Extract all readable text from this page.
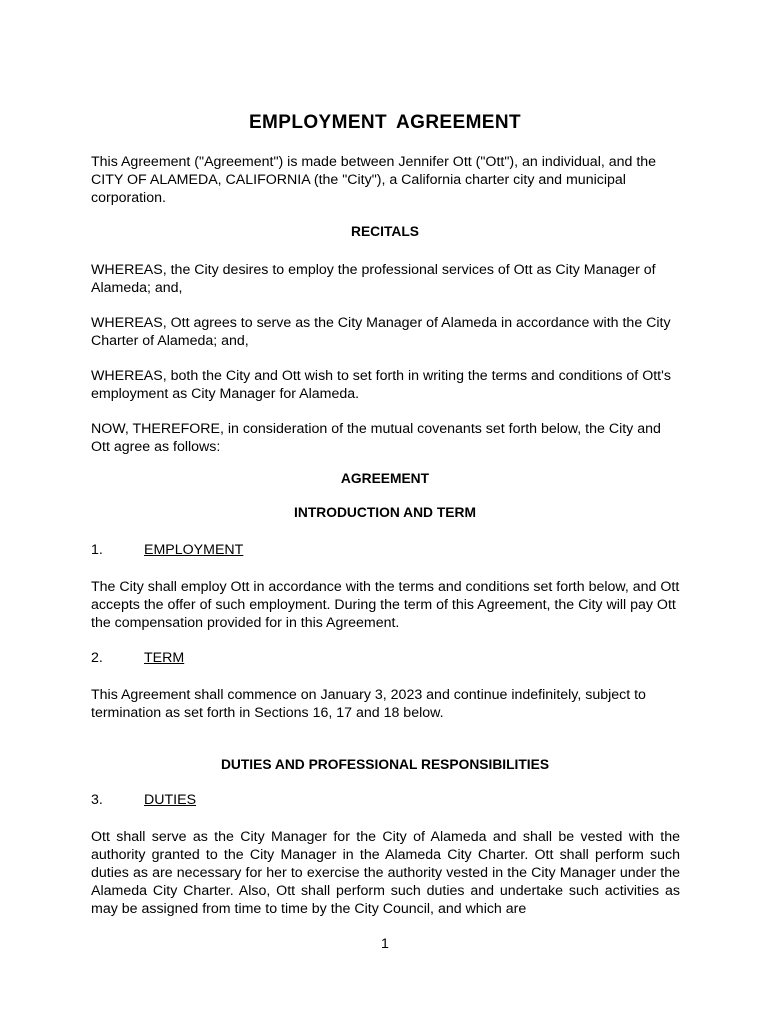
EMPLOYMENT AGREEMENT

This Agreement ("Agreement") is made between Jennifer Ott ("Ott"), an individual, and the CITY OF ALAMEDA, CALIFORNIA (the "City"), a California charter city and municipal corporation.

RECITALS

WHEREAS, the City desires to employ the professional services of Ott as City Manager of Alameda; and,

WHEREAS, Ott agrees to serve as the City Manager of Alameda in accordance with the City Charter of Alameda; and,

WHEREAS, both the City and Ott wish to set forth in writing the terms and conditions of Ott's employment as City Manager for Alameda.

NOW, THEREFORE, in consideration of the mutual covenants set forth below, the City and Ott agree as follows:

AGREEMENT
INTRODUCTION AND TERM
1.	EMPLOYMENT

The City shall employ Ott in accordance with the terms and conditions set forth below, and Ott accepts the offer of such employment. During the term of this Agreement, the City will pay Ott the compensation provided for in this Agreement.

2.	TERM

This Agreement shall commence on January 3, 2023 and continue indefinitely, subject to termination as set forth in Sections 16, 17 and 18 below.

DUTIES AND PROFESSIONAL RESPONSIBILITIES
3.	DUTIES

Ott shall serve as the City Manager for the City of Alameda and shall be vested with the authority granted to the City Manager in the Alameda City Charter. Ott shall perform such duties as are necessary for her to exercise the authority vested in the City Manager under the Alameda City Charter. Also, Ott shall perform such duties and undertake such activities as may be assigned from time to time by the City Council, and which are

1
